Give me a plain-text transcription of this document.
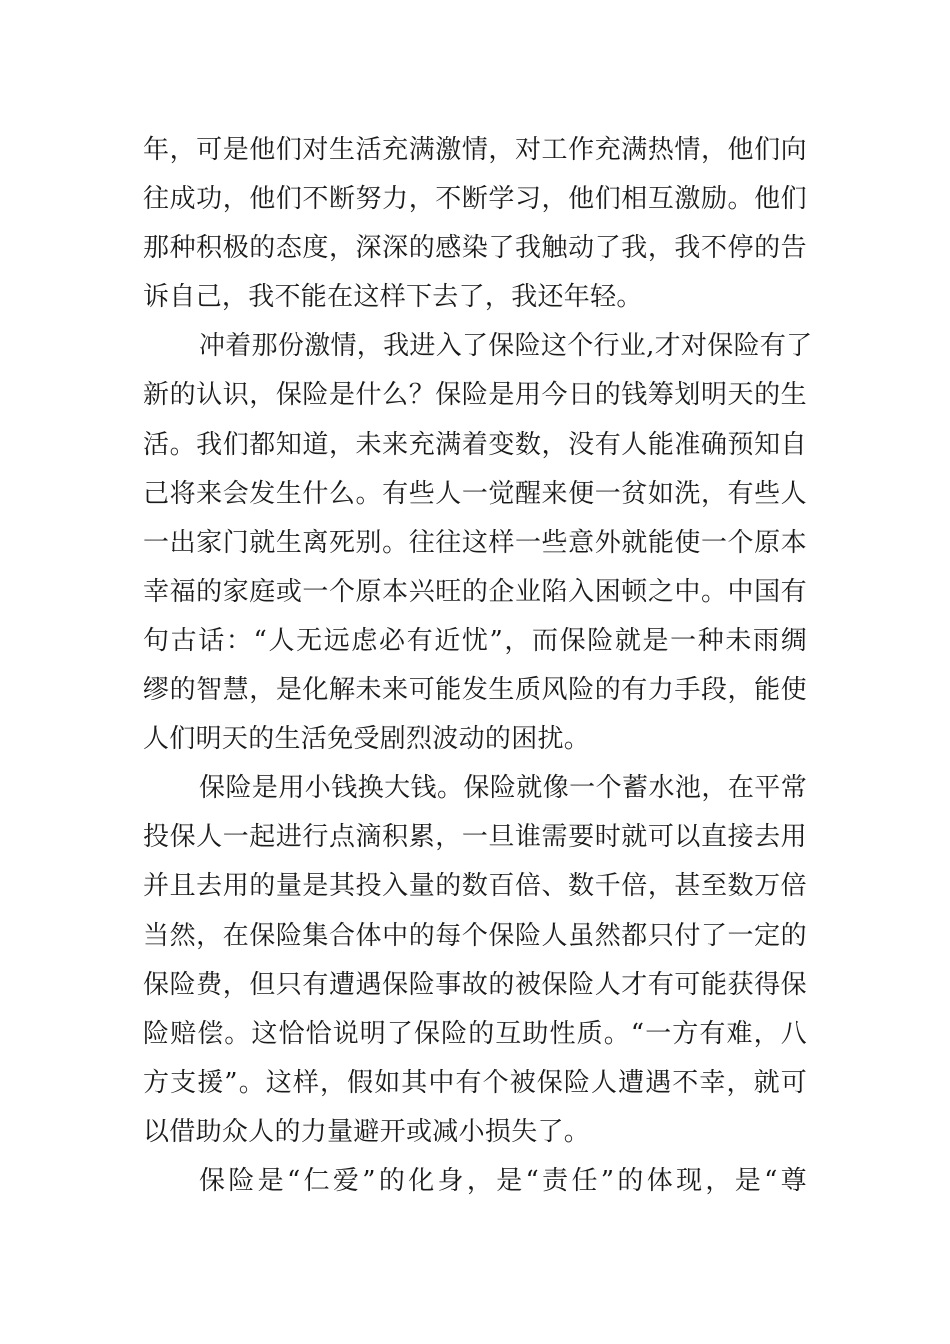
年，可是他们对生活充满激情，对工作充满热情，他们向
往成功，他们不断努力，不断学习，他们相互激励。他们
那种积极的态度，深深的感染了我触动了我，我不停的告
诉自己，我不能在这样下去了，我还年轻。
冲着那份激情，我进入了保险这个行业,才对保险有了
新的认识，保险是什么？保险是用今日的钱筹划明天的生
活。我们都知道，未来充满着变数，没有人能准确预知自
己将来会发生什么。有些人一觉醒来便一贫如洗，有些人
一出家门就生离死别。往往这样一些意外就能使一个原本
幸福的家庭或一个原本兴旺的企业陷入困顿之中。中国有
句古话：“人无远虑必有近忧”，而保险就是一种未雨绸
缪的智慧，是化解未来可能发生质风险的有力手段，能使
人们明天的生活免受剧烈波动的困扰。
保险是用小钱换大钱。保险就像一个蓄水池，在平常
投保人一起进行点滴积累，一旦谁需要时就可以直接去用
并且去用的量是其投入量的数百倍、数千倍，甚至数万倍
当然，在保险集合体中的每个保险人虽然都只付了一定的
保险费，但只有遭遇保险事故的被保险人才有可能获得保
险赔偿。这恰恰说明了保险的互助性质。“一方有难，八
方支援”。这样，假如其中有个被保险人遭遇不幸，就可
以借助众人的力量避开或减小损失了。
保险是“仁爱”的化身，是“责任”的体现，是“尊
